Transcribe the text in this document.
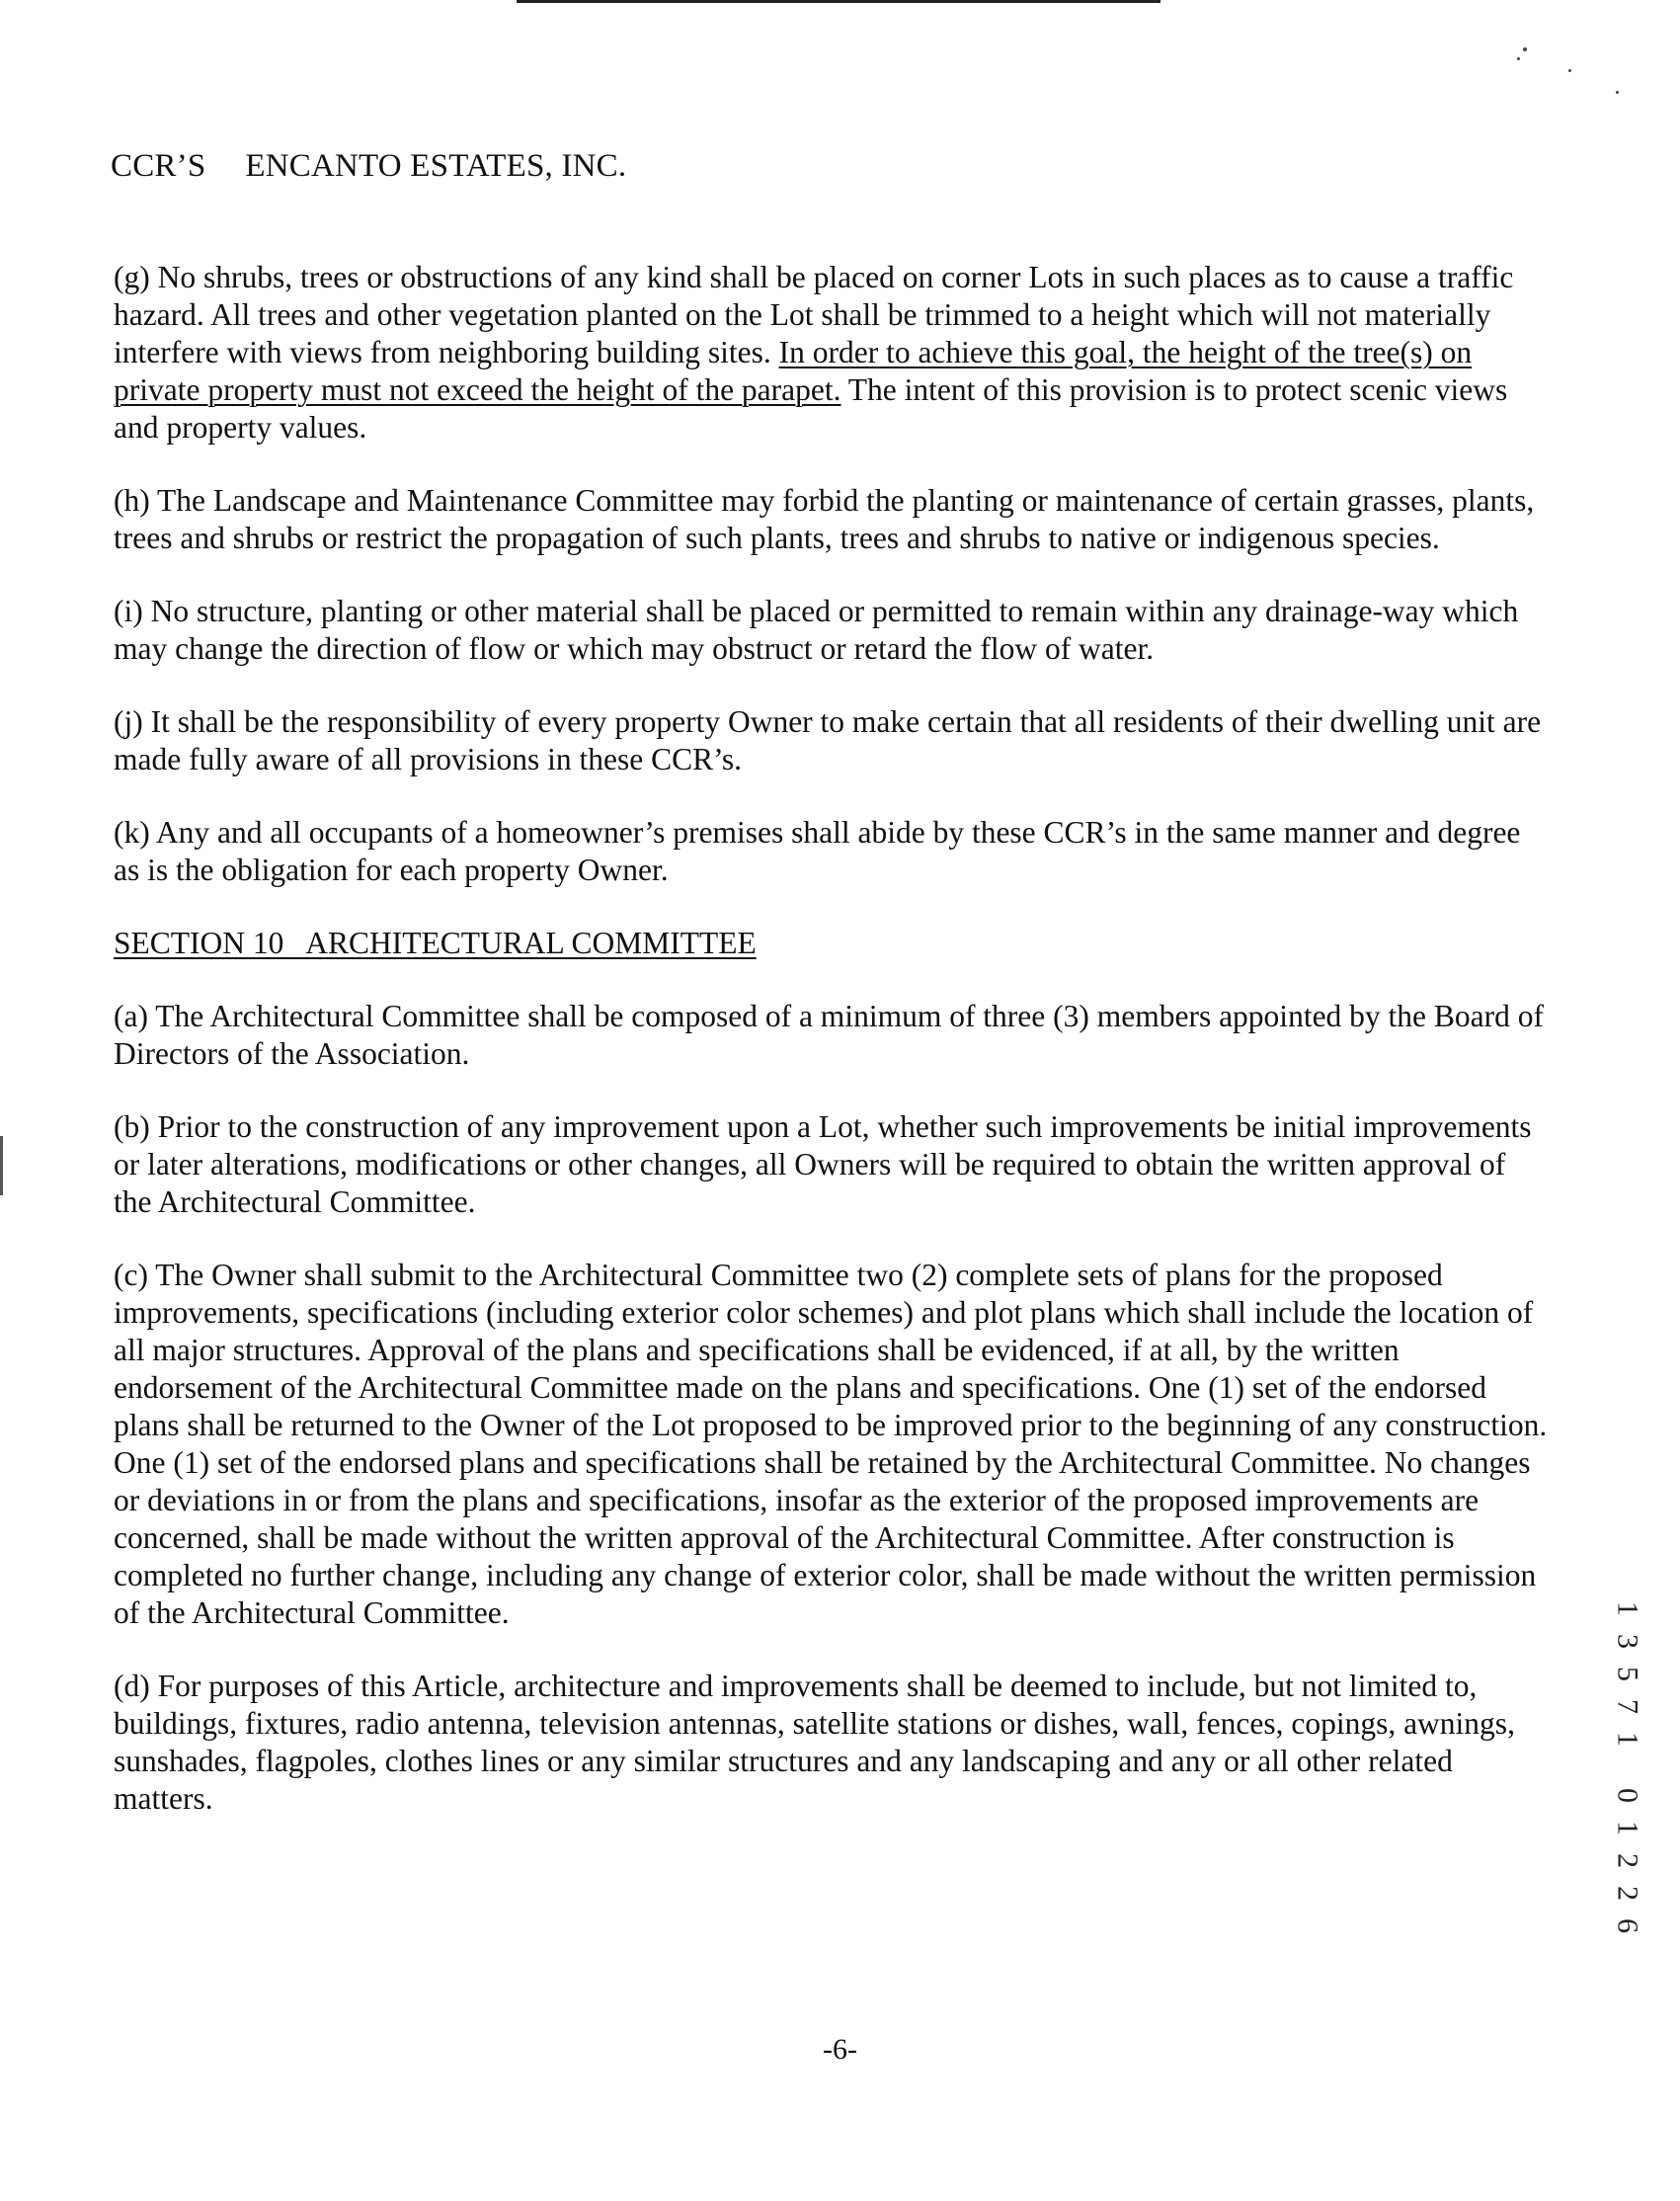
CCR’S ENCANTO ESTATES, INC.

(g) No shrubs, trees or obstructions of any kind shall be placed on corner Lots in such places as to cause a traffic hazard. All trees and other vegetation planted on the Lot shall be trimmed to a height which will not materially interfere with views from neighboring building sites. In order to achieve this goal, the height of the tree(s) on private property must not exceed the height of the parapet. The intent of this provision is to protect scenic views and property values.

(h) The Landscape and Maintenance Committee may forbid the planting or maintenance of certain grasses, plants, trees and shrubs or restrict the propagation of such plants, trees and shrubs to native or indigenous species.

(i) No structure, planting or other material shall be placed or permitted to remain within any drainage-way which may change the direction of flow or which may obstruct or retard the flow of water.

(j) It shall be the responsibility of every property Owner to make certain that all residents of their dwelling unit are made fully aware of all provisions in these CCR’s.

(k) Any and all occupants of a homeowner’s premises shall abide by these CCR’s in the same manner and degree as is the obligation for each property Owner.

SECTION 10   ARCHITECTURAL COMMITTEE

(a) The Architectural Committee shall be composed of a minimum of three (3) members appointed by the Board of Directors of the Association.

(b) Prior to the construction of any improvement upon a Lot, whether such improvements be initial improvements or later alterations, modifications or other changes, all Owners will be required to obtain the written approval of the Architectural Committee.

(c) The Owner shall submit to the Architectural Committee two (2) complete sets of plans for the proposed improvements, specifications (including exterior color schemes) and plot plans which shall include the location of all major structures. Approval of the plans and specifications shall be evidenced, if at all, by the written endorsement of the Architectural Committee made on the plans and specifications. One (1) set of the endorsed plans shall be returned to the Owner of the Lot proposed to be improved prior to the beginning of any construction. One (1) set of the endorsed plans and specifications shall be retained by the Architectural Committee. No changes or deviations in or from the plans and specifications, insofar as the exterior of the proposed improvements are concerned, shall be made without the written approval of the Architectural Committee. After construction is completed no further change, including any change of exterior color, shall be made without the written permission of the Architectural Committee.

(d) For purposes of this Article, architecture and improvements shall be deemed to include, but not limited to, buildings, fixtures, radio antenna, television antennas, satellite stations or dishes, wall, fences, copings, awnings, sunshades, flagpoles, clothes lines or any similar structures and any landscaping and any or all other related matters.

-6-
1
3
5
7
1
0
1
2
2
6
